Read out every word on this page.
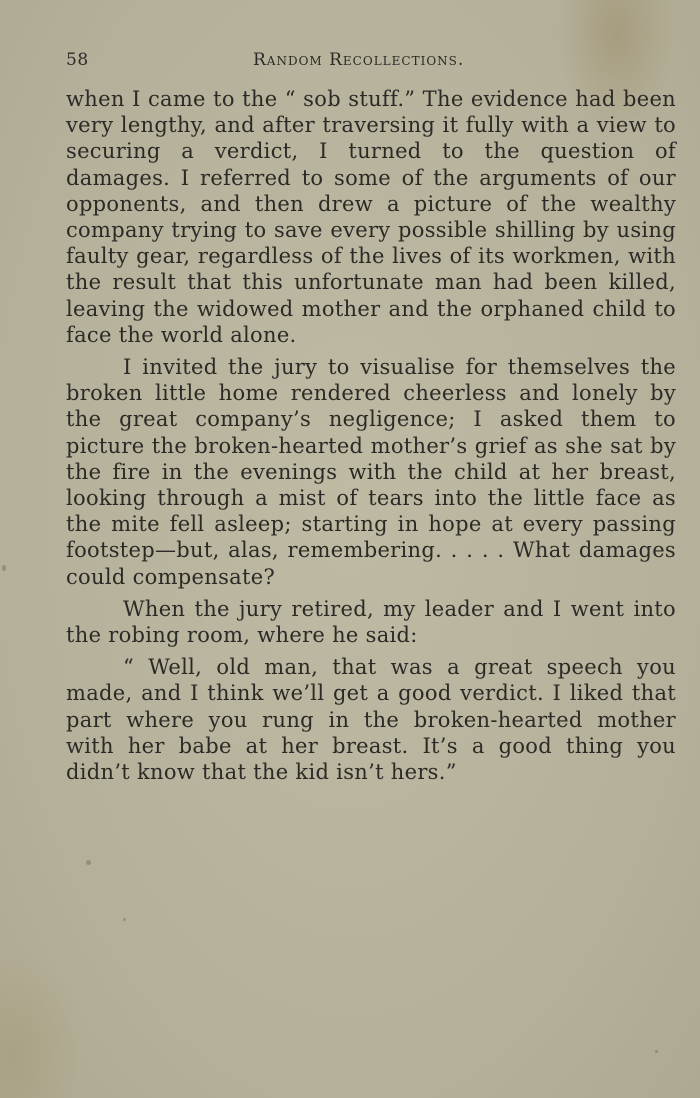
58	Random Recollections.

when I came to the “ sob stuff.” The evidence had been very lengthy, and after traversing it fully with a view to securing a verdict, I turned to the question of damages. I referred to some of the arguments of our opponents, and then drew a picture of the wealthy company trying to save every possible shilling by using faulty gear, regardless of the lives of its workmen, with the result that this unfortunate man had been killed, leaving the widowed mother and the orphaned child to face the world alone.

I invited the jury to visualise for themselves the broken little home rendered cheerless and lonely by the great company’s negligence; I asked them to picture the broken-hearted mother’s grief as she sat by the fire in the evenings with the child at her breast, looking through a mist of tears into the little face as the mite fell asleep; starting in hope at every passing footstep—but, alas, remembering. . . . . What damages could compensate?

When the jury retired, my leader and I went into the robing room, where he said:

“ Well, old man, that was a great speech you made, and I think we’ll get a good verdict. I liked that part where you rung in the broken-hearted mother with her babe at her breast. It’s a good thing you didn’t know that the kid isn’t hers.”
